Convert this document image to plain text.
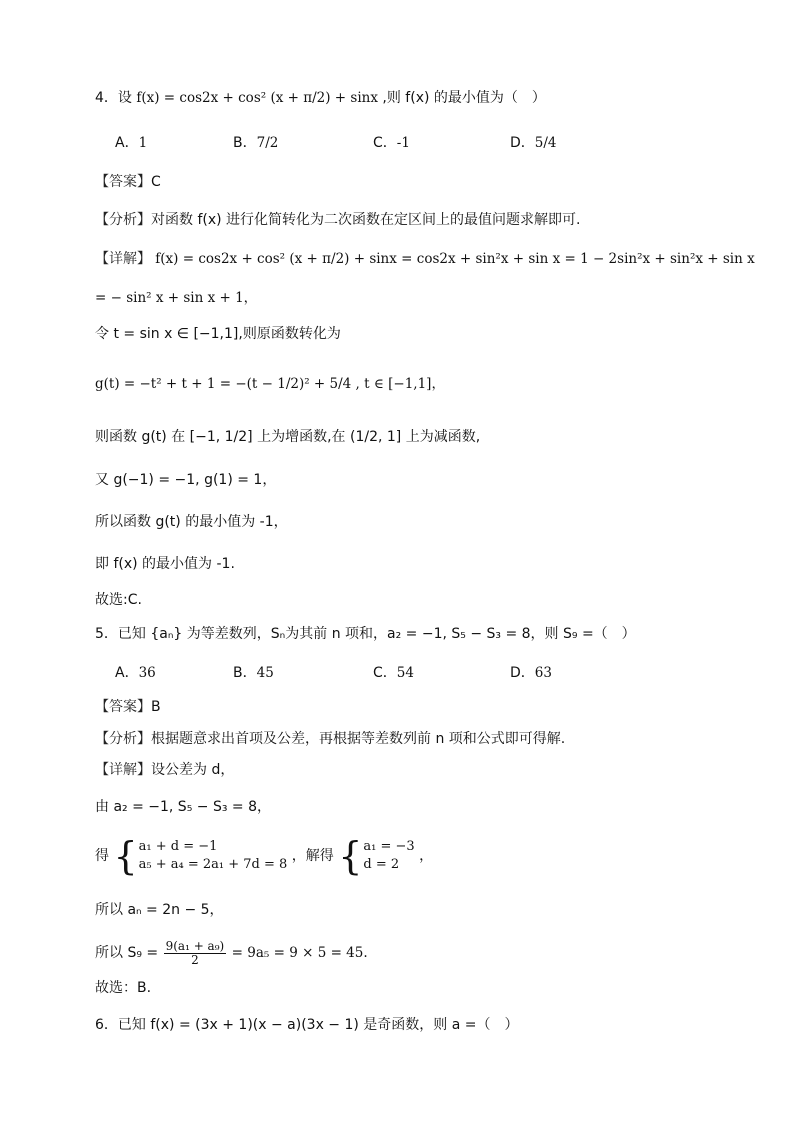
4．设 f(x) = cos2x + cos² (x + π/2) + sinx ,则 f(x) 的最小值为（　）
A．1	B．7/2	C．-1	D．5/4
【答案】C
【分析】对函数 f(x) 进行化简转化为二次函数在定区间上的最值问题求解即可.
【详解】 f(x) = cos2x + cos² (x + π/2) + sinx = cos2x + sin²x + sin x = 1 − 2sin²x + sin²x + sin x
= − sin² x + sin x + 1，
令 t = sin x ∈ [−1,1],则原函数转化为
g(t) = −t² + t + 1 = −(t − 1/2)² + 5/4 , t ∈ [−1,1]，
则函数 g(t) 在 [−1, 1/2] 上为增函数,在 (1/2, 1] 上为减函数,
又 g(−1) = −1, g(1) = 1，
所以函数 g(t) 的最小值为 -1，
即 f(x) 的最小值为 -1.
故选:C.
5．已知 {aₙ} 为等差数列，Sₙ为其前 n 项和，a₂ = −1, S₅ − S₃ = 8，则 S₉ =（　）
A．36	B．45	C．54	D．63
【答案】B
【分析】根据题意求出首项及公差，再根据等差数列前 n 项和公式即可得解.
【详解】设公差为 d，
由 a₂ = −1, S₅ − S₃ = 8，
得 { a₁ + d = −1
a₅ + a₄ = 2a₁ + 7d = 8
，解得 { a₁ = −3
d = 2
，
所以 aₙ = 2n − 5，
所以 $S_9 = \frac{\text{9(a₁ + a₉)}}{2} = 9a_5 = 9 \times 5 = 45$.
故选：B.
6．已知 f(x) = (3x + 1)(x − a)(3x − 1) 是奇函数，则 a =（　）
